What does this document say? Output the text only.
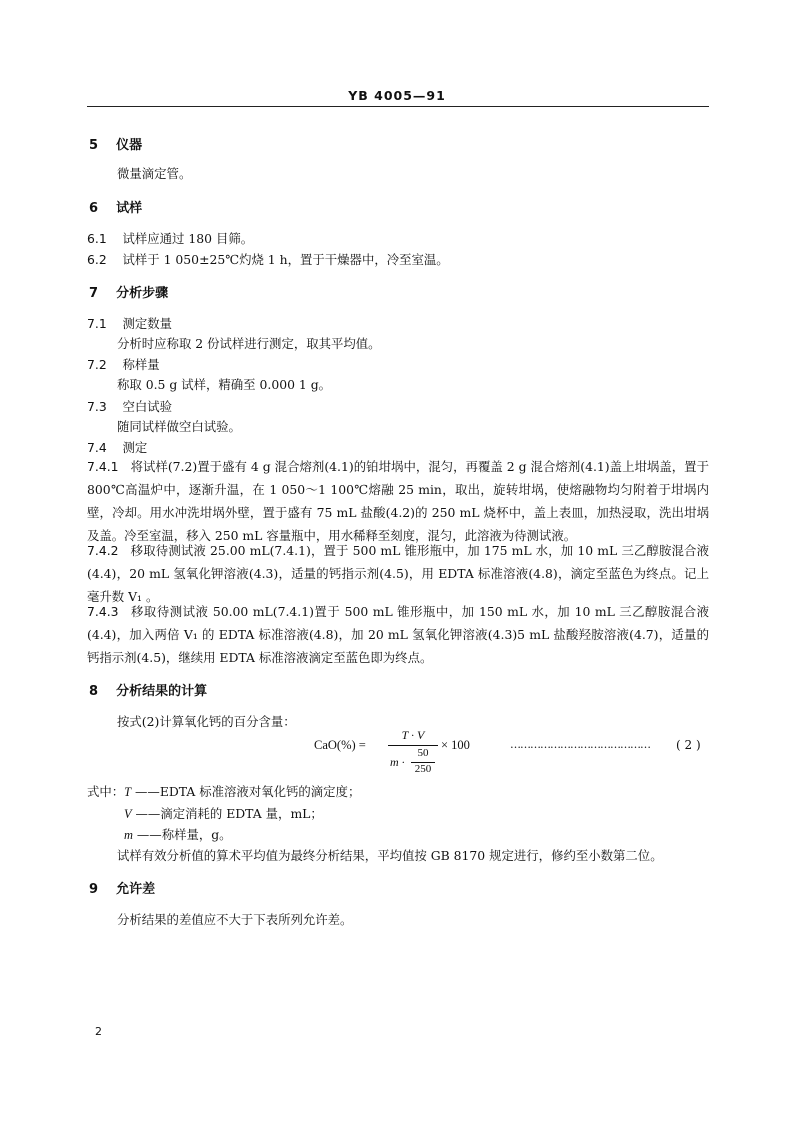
YB 4005—91
5 仪器
微量滴定管。
6 试样
6.1 试样应通过 180 目筛。
6.2 试样于 1 050±25℃灼烧 1 h，置于干燥器中，冷至室温。
7 分析步骤
7.1 测定数量
分析时应称取 2 份试样进行测定，取其平均值。
7.2 称样量
称取 0.5 g 试样，精确至 0.000 1 g。
7.3 空白试验
随同试样做空白试验。
7.4 测定
7.4.1 将试样(7.2)置于盛有 4 g 混合熔剂(4.1)的铂坩埚中，混匀，再覆盖 2 g 混合熔剂(4.1)盖上坩埚盖，置于 800℃高温炉中，逐渐升温，在 1 050～1 100℃熔融 25 min，取出，旋转坩埚，使熔融物均匀附着于坩埚内壁，冷却。用水冲洗坩埚外壁，置于盛有 75 mL 盐酸(4.2)的 250 mL 烧杯中，盖上表皿，加热浸取，洗出坩埚及盖。冷至室温，移入 250 mL 容量瓶中，用水稀释至刻度，混匀，此溶液为待测试液。
7.4.2 移取待测试液 25.00 mL(7.4.1)，置于 500 mL 锥形瓶中，加 175 mL 水，加 10 mL 三乙醇胺混合液(4.4)，20 mL 氢氧化钾溶液(4.3)，适量的钙指示剂(4.5)，用 EDTA 标准溶液(4.8)，滴定至蓝色为终点。记上毫升数 V₁ 。
7.4.3 移取待测试液 50.00 mL(7.4.1)置于 500 mL 锥形瓶中，加 150 mL 水，加 10 mL 三乙醇胺混合液(4.4)，加入两倍 V₁ 的 EDTA 标准溶液(4.8)，加 20 mL 氢氧化钾溶液(4.3)5 mL 盐酸羟胺溶液(4.7)，适量的钙指示剂(4.5)，继续用 EDTA 标准溶液滴定至蓝色即为终点。
8 分析结果的计算
按式(2)计算氧化钙的百分含量：
CaO(%) =
T · V
m ·
50
250
× 100	…………………………………… ( 2 )
式中：T ——EDTA 标准溶液对氧化钙的滴定度；
V ——滴定消耗的 EDTA 量，mL；
m ——称样量，g。
试样有效分析值的算术平均值为最终分析结果，平均值按 GB 8170 规定进行，修约至小数第二位。
9 允许差
分析结果的差值应不大于下表所列允许差。
2
